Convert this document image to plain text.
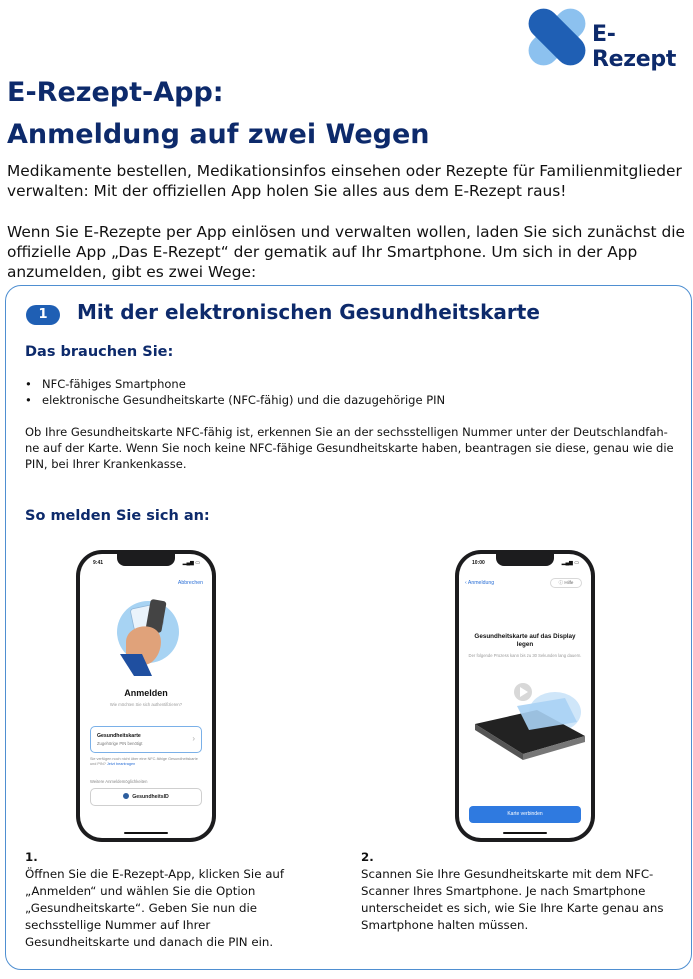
E-Rezept
E-Rezept-App:
Anmeldung auf zwei Wegen

Medikamente bestellen, Medikationsinfos einsehen oder Rezepte für Familienmitglieder verwalten: Mit der offiziellen App holen Sie alles aus dem E-Rezept raus!

Wenn Sie E-Rezepte per App einlösen und verwalten wollen, laden Sie sich zunächst die offizielle App „Das E-Rezept“ der gematik auf Ihr Smartphone. Um sich in der App anzumelden, gibt es zwei Wege:

1	Mit der elektronischen Gesundheitskarte
Das brauchen Sie:
• NFC-fähiges Smartphone
• elektronische Gesundheitskarte (NFC-fähig) und die dazugehörige PIN

Ob Ihre Gesundheitskarte NFC-fähig ist, erkennen Sie an der sechsstelligen Nummer unter der Deutschlandfah-ne auf der Karte. Wenn Sie noch keine NFC-fähige Gesundheitskarte haben, beantragen sie diese, genau wie die PIN, bei Ihrer Krankenkasse.

So melden Sie sich an:
9:41	▂▄▆ ▭
Abbrechen
Anmelden
Wie möchten Sie sich authentifizieren?
Gesundheitskarte
Zugehörige PIN benötigt
›
Sie verfügen noch nicht über eine NFC-fähige Gesundheitskarte und PIN? Jetzt beantragen
Weitere Anmeldemöglichkeiten
GesundheitsID
10:00	▂▄▆ ▭
‹ Anmeldung	ⓘ Hilfe
Gesundheitskarte auf das Display legen
Der folgende Prozess kann bis zu 30 Sekunden lang dauern.
Karte verbinden
1.
Öffnen Sie die E-Rezept-App, klicken Sie auf „Anmelden“ und wählen Sie die Option „Gesundheitskarte“. Geben Sie nun die sechsstellige Nummer auf Ihrer Gesundheitskarte und danach die PIN ein.
2.
Scannen Sie Ihre Gesundheitskarte mit dem NFC-Scanner Ihres Smartphone. Je nach Smartphone unterscheidet es sich, wie Sie Ihre Karte genau ans Smartphone halten müssen.
